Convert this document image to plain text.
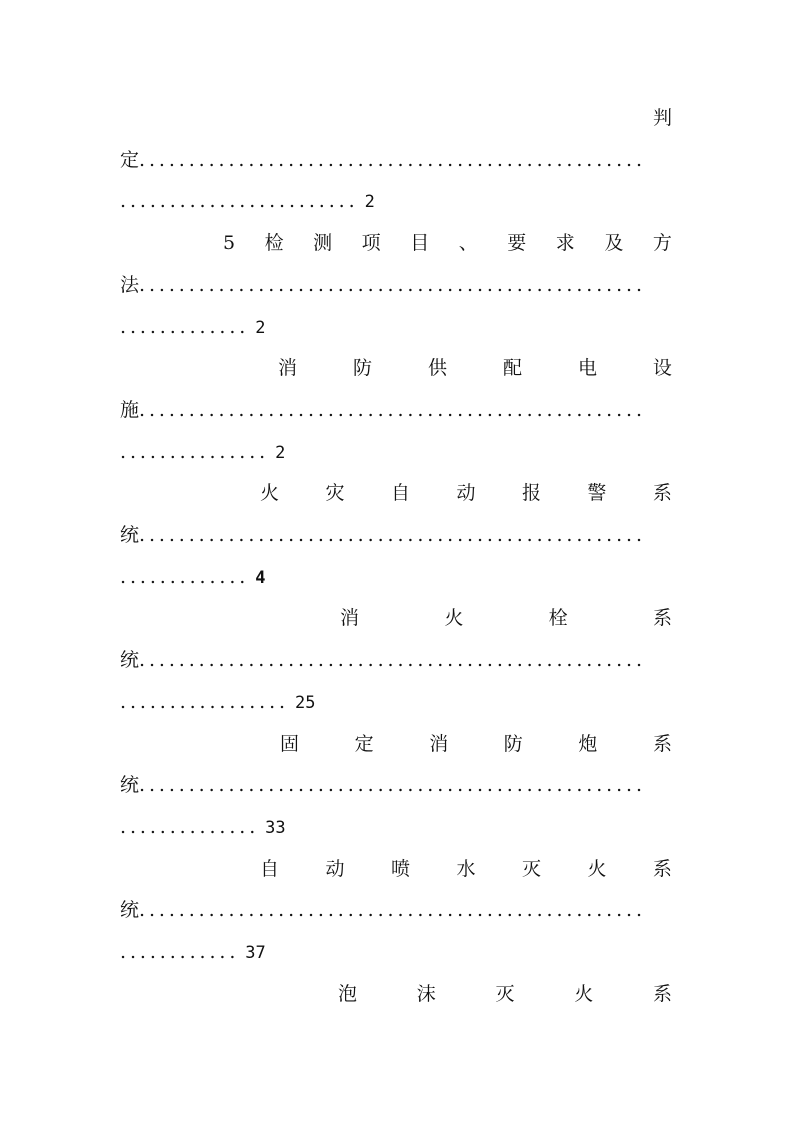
判
定...................................................
........................ 2
5 检 测 项 目 、 要 求 及 方
法...................................................
............. 2
消	防	供	配	电	设
施...................................................
............... 2
火 灾 自 动 报 警 系
统...................................................
............. 4
消	火	栓	系
统...................................................
................. 25
固	定	消	防	炮	系
统...................................................
.............. 33
自 动 喷 水 灭 火 系
统...................................................
............ 37
泡	沫	灭	火	系
